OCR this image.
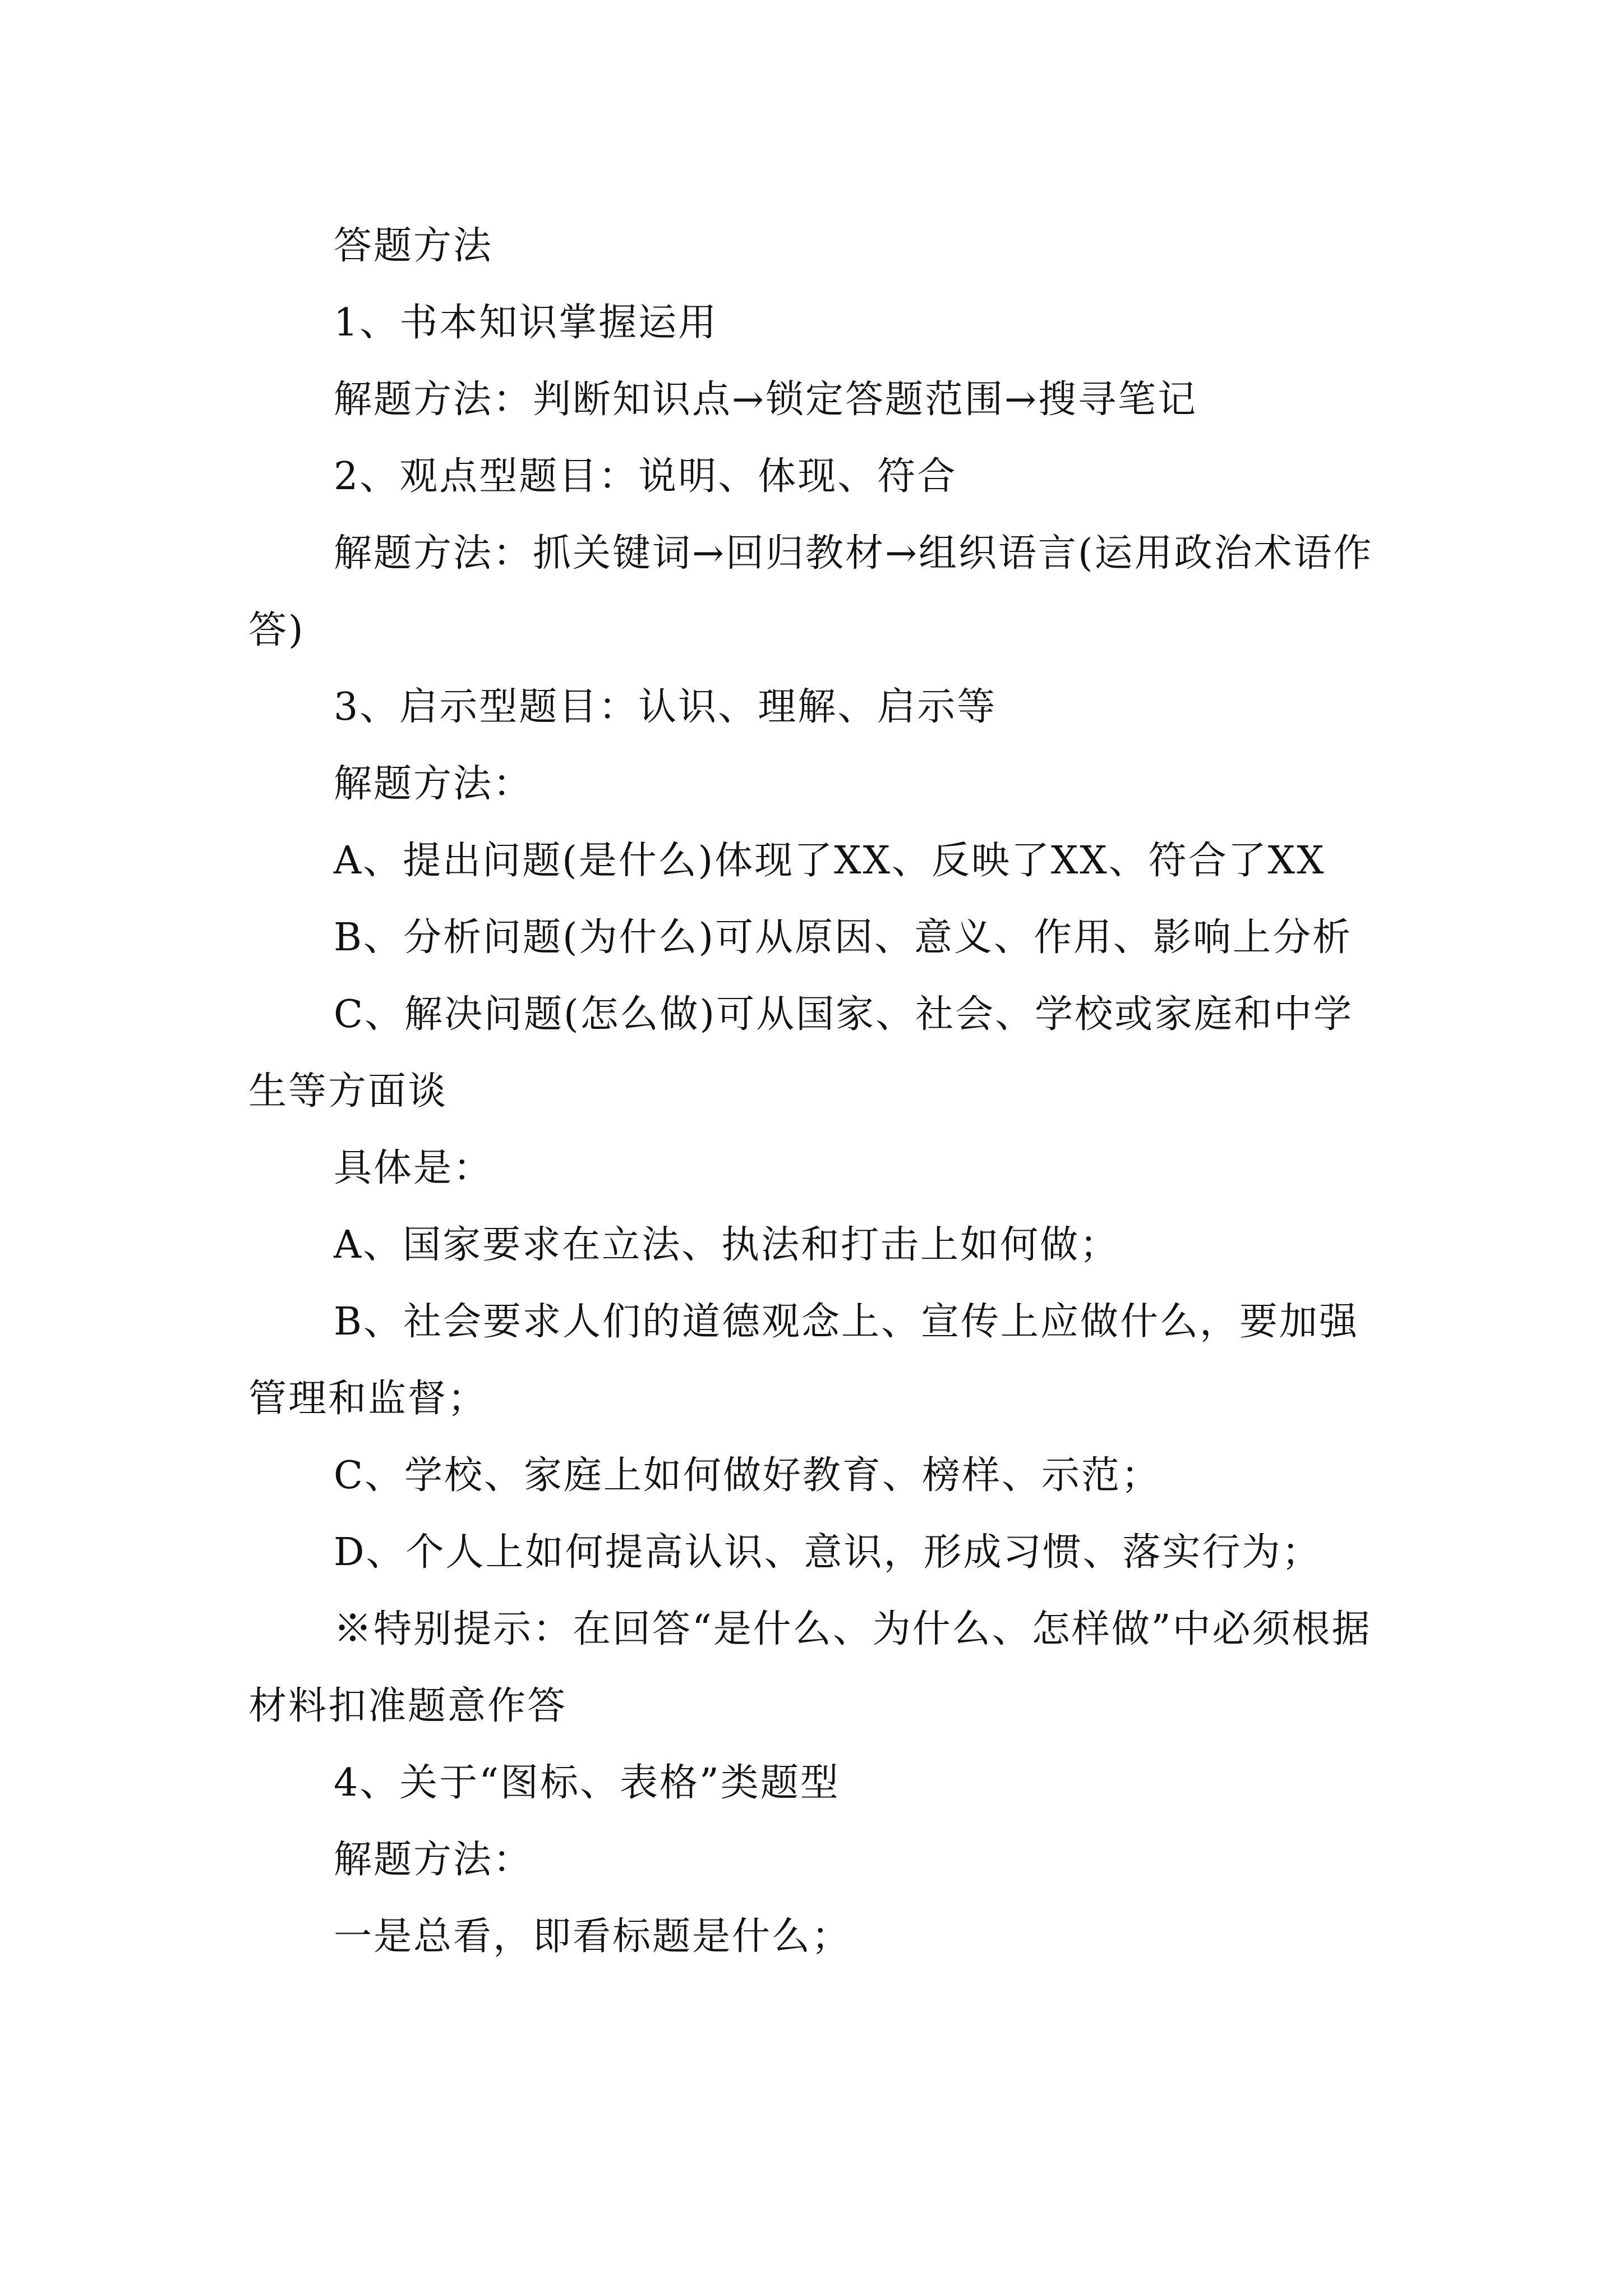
答题方法

1、书本知识掌握运用

解题方法：判断知识点→锁定答题范围→搜寻笔记

2、观点型题目：说明、体现、符合

解题方法：抓关键词→回归教材→组织语言(运用政治术语作答)

3、启示型题目：认识、理解、启示等

解题方法：

A、提出问题(是什么)体现了XX、反映了XX、符合了XX

B、分析问题(为什么)可从原因、意义、作用、影响上分析

C、解决问题(怎么做)可从国家、社会、学校或家庭和中学生等方面谈

具体是：

A、国家要求在立法、执法和打击上如何做；

B、社会要求人们的道德观念上、宣传上应做什么，要加强管理和监督；

C、学校、家庭上如何做好教育、榜样、示范；

D、个人上如何提高认识、意识，形成习惯、落实行为；

※特别提示：在回答“是什么、为什么、怎样做”中必须根据材料扣准题意作答

4、关于“图标、表格”类题型

解题方法：

一是总看，即看标题是什么；
